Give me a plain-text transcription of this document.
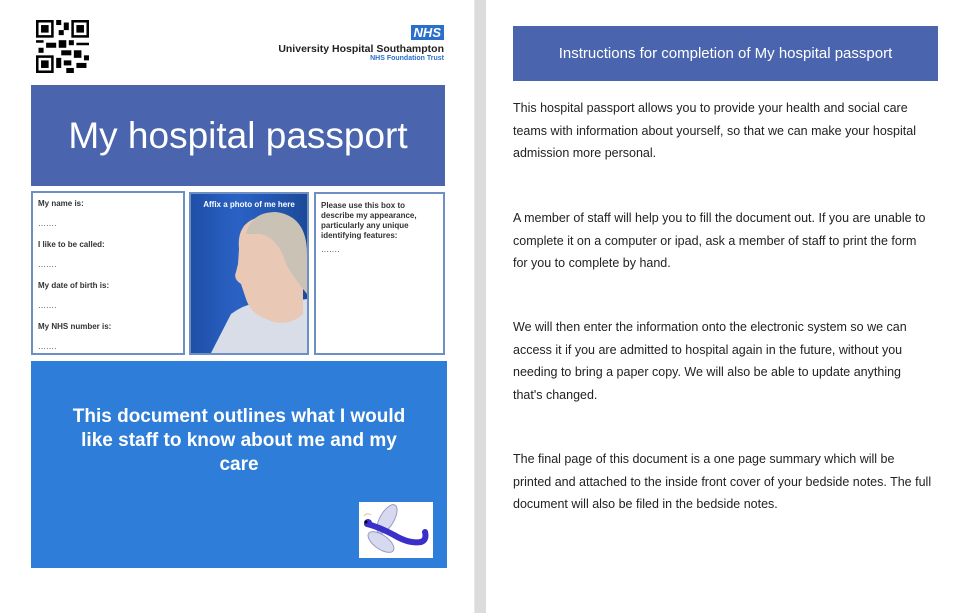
NHS
University Hospital Southampton
NHS Foundation Trust
My hospital passport
My name is:
·······
I like to be called:
·······
My date of birth is:
·······
My NHS number is:
·······
Affix a photo of me here	Please use this box to describe my appearance, particularly any unique identifying features:
·······
This document outlines what I would like staff to know about me and my care
Instructions for completion of My hospital passport

This hospital passport allows you to provide your health and social care teams with information about yourself, so that we can make your hospital admission more personal.

A member of staff will help you to fill the document out. If you are unable to complete it on a computer or ipad, ask a member of staff to print the form for you to complete by hand.

We will then enter the information onto the electronic system so we can access it if you are admitted to hospital again in the future, without you needing to bring a paper copy. We will also be able to update anything that's changed.

The final page of this document is a one page summary which will be printed and attached to the inside front cover of your bedside notes. The full document will also be filed in the bedside notes.
